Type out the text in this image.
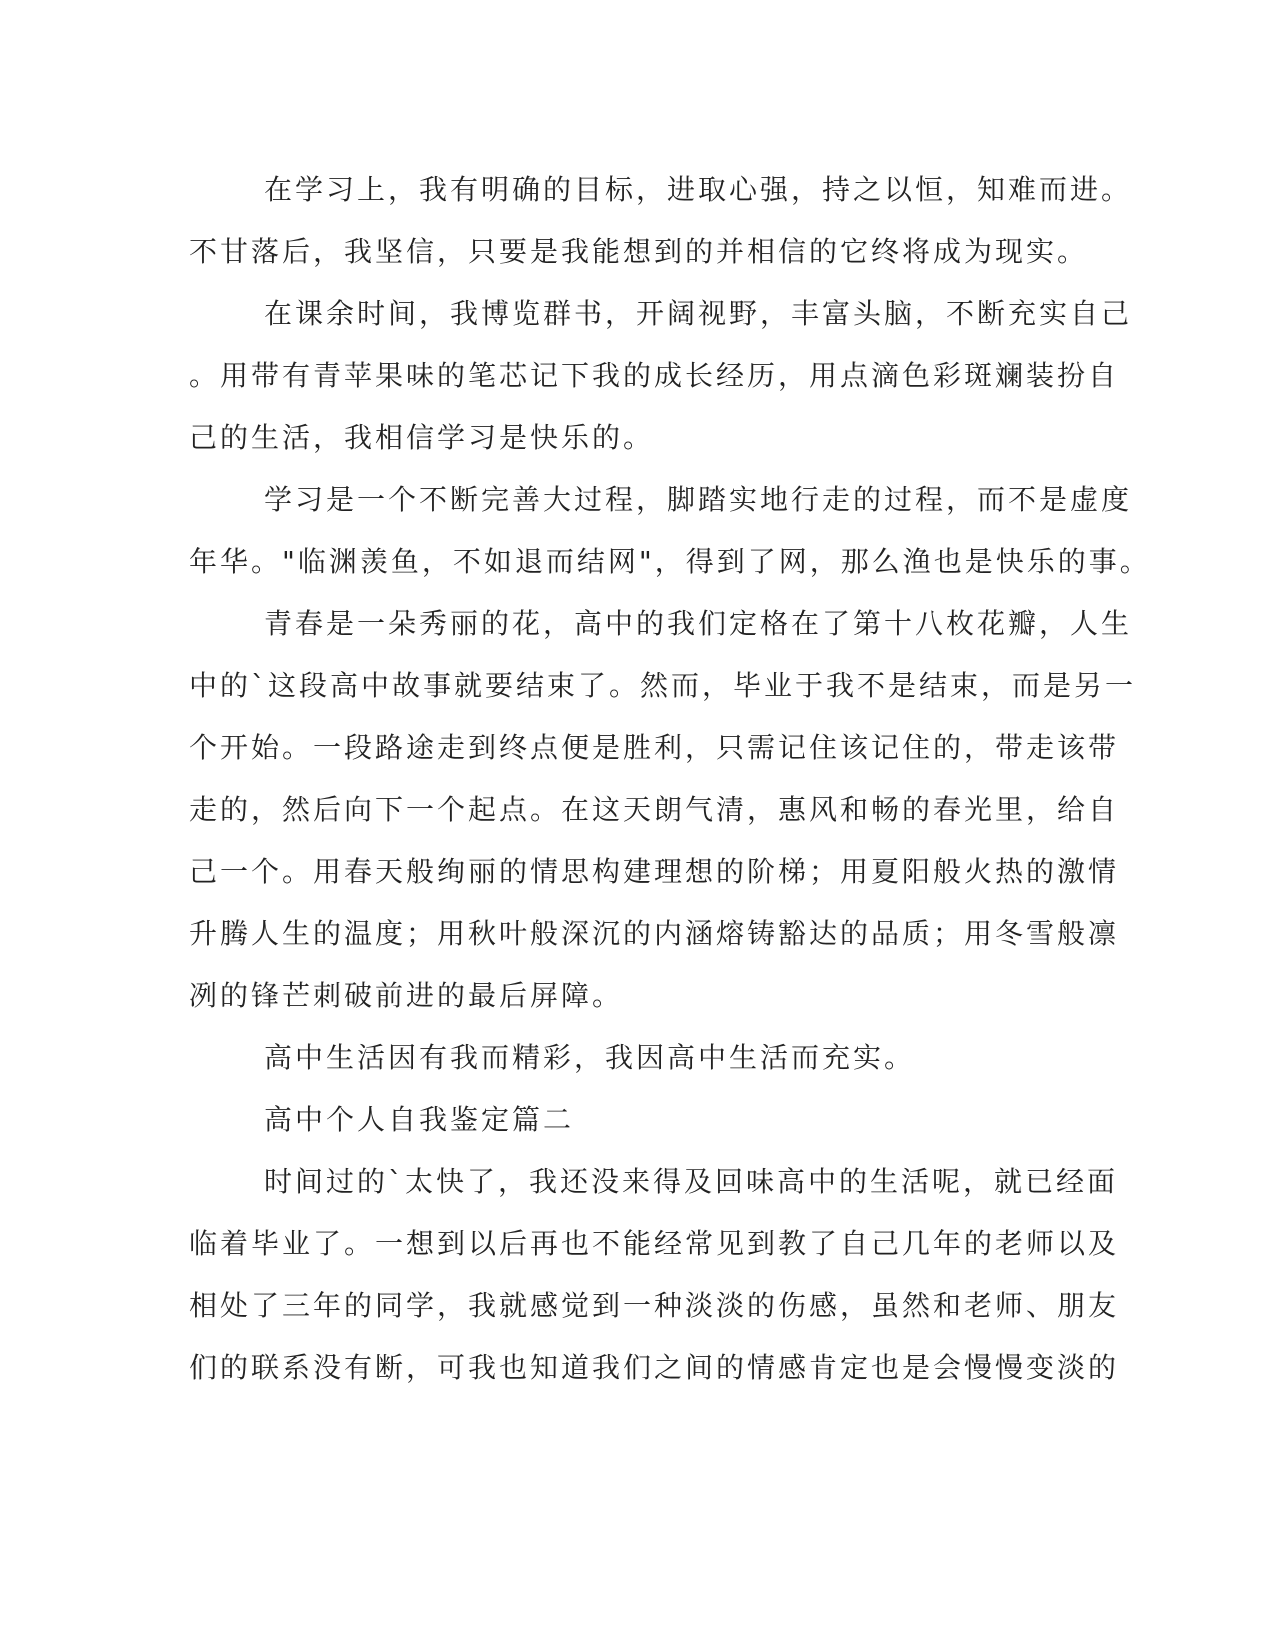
在学习上，我有明确的目标，进取心强，持之以恒，知难而进。
不甘落后，我坚信，只要是我能想到的并相信的它终将成为现实。
在课余时间，我博览群书，开阔视野，丰富头脑，不断充实自己
。用带有青苹果味的笔芯记下我的成长经历，用点滴色彩斑斓装扮自
己的生活，我相信学习是快乐的。
学习是一个不断完善大过程，脚踏实地行走的过程，而不是虚度
年华。"临渊羡鱼，不如退而结网"，得到了网，那么渔也是快乐的事。
青春是一朵秀丽的花，高中的我们定格在了第十八枚花瓣，人生
中的`这段高中故事就要结束了。然而，毕业于我不是结束，而是另一
个开始。一段路途走到终点便是胜利，只需记住该记住的，带走该带
走的，然后向下一个起点。在这天朗气清，惠风和畅的春光里，给自
己一个。用春天般绚丽的情思构建理想的阶梯；用夏阳般火热的激情
升腾人生的温度；用秋叶般深沉的内涵熔铸豁达的品质；用冬雪般凛
冽的锋芒刺破前进的最后屏障。
高中生活因有我而精彩，我因高中生活而充实。
高中个人自我鉴定篇二
时间过的`太快了，我还没来得及回味高中的生活呢，就已经面
临着毕业了。一想到以后再也不能经常见到教了自己几年的老师以及
相处了三年的同学，我就感觉到一种淡淡的伤感，虽然和老师、朋友
们的联系没有断，可我也知道我们之间的情感肯定也是会慢慢变淡的
